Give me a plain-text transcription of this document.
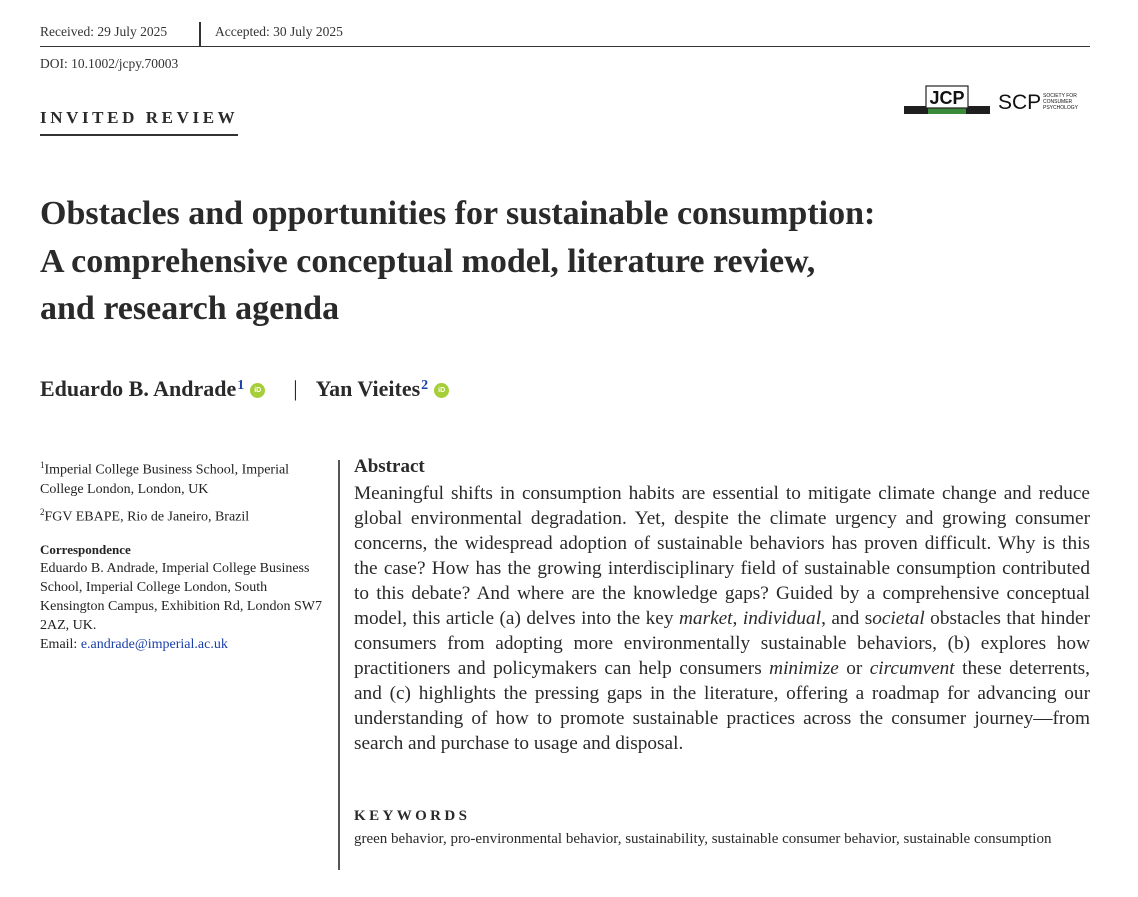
Received: 29 July 2025	Accepted: 30 July 2025
DOI: 10.1002/jcpy.70003
INVITED REVIEW
JCP SCP SOCIETY FOR
CONSUMER
PSYCHOLOGY
Obstacles and opportunities for sustainable consumption:
A comprehensive conceptual model, literature review,
and research agenda
Eduardo B. Andrade$^1$	iD | Yan Vieites$^2$	iD
$^1$Imperial College Business School, Imperial College London, London, UK
$^2$FGV EBAPE, Rio de Janeiro, Brazil
Correspondence
Eduardo B. Andrade, Imperial College Business School, Imperial College London, South Kensington Campus, Exhibition Rd, London SW7 2AZ, UK.
Email: e.andrade@imperial.ac.uk
Abstract
Meaningful shifts in consumption habits are essential to mitigate climate change and reduce global environmental degradation. Yet, despite the climate urgency and growing consumer concerns, the widespread adoption of sustainable behaviors has proven difficult. Why is this the case? How has the growing interdisciplinary field of sustainable consumption contributed to this debate? And where are the knowledge gaps? Guided by a comprehensive conceptual model, this article (a) delves into the key market, individual, and societal obstacles that hinder consumers from adopting more environmentally sustainable behaviors, (b) explores how practitioners and policymakers can help consumers minimize or circumvent these deterrents, and (c) highlights the pressing gaps in the literature, offering a roadmap for advancing our understanding of how to promote sustainable practices across the consumer journey—from search and purchase to usage and disposal.
KEYWORDS
green behavior, pro-environmental behavior, sustainability, sustainable consumer behavior, sustainable consumption
